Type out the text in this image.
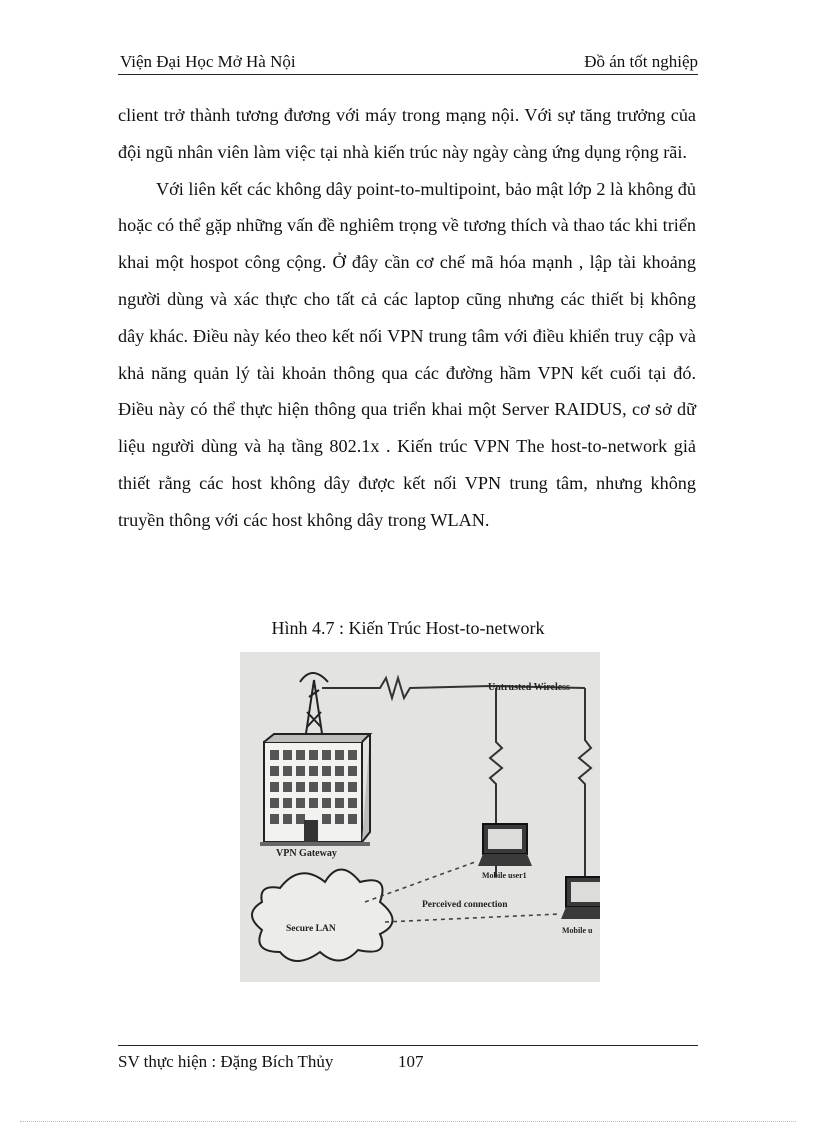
Viện Đại Học Mở Hà Nội	Đồ án tốt nghiệp

client trở thành tương đương với máy trong mạng nội. Với sự tăng trưởng của đội ngũ nhân viên làm việc tại nhà kiến trúc này ngày càng ứng dụng rộng rãi.

Với liên kết các không dây point-to-multipoint, bảo mật lớp 2 là không đủ hoặc có thể gặp những vấn đề nghiêm trọng về tương thích và thao tác khi triển khai một hospot công cộng. Ở đây cần cơ chế mã hóa mạnh , lập tài khoảng người dùng và xác thực cho tất cả các laptop cũng nhưng các thiết bị không dây khác. Điều này kéo theo kết nối VPN trung tâm với điều khiển truy cập và khả năng quản lý tài khoản thông qua các đường hầm VPN kết cuối tại đó. Điều này có thể thực hiện thông qua triển khai một Server RAIDUS, cơ sở dữ liệu người dùng và hạ tầng 802.1x . Kiến trúc VPN The host-to-network giả thiết rằng các host không dây được kết nối VPN trung tâm, nhưng không truyền thông với các host không dây trong WLAN.

Hình 4.7 : Kiến Trúc Host-to-network
Untrusted Wireless
VPN Gateway
Mobile user1
Mobile u
Perceived connection
Secure LAN
SV thực hiện : Đặng Bích Thủy	107
